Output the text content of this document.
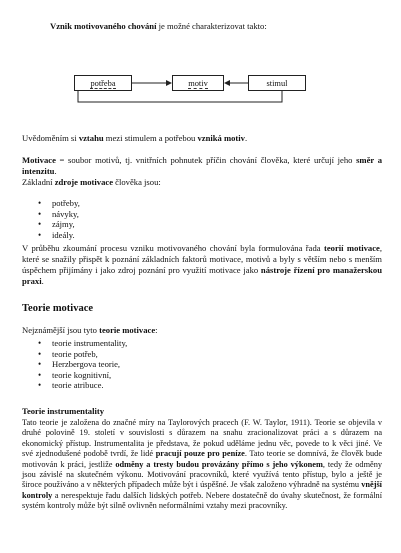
Vznik motivovaného chování je možné charakterizovat takto:
potřeba	motiv	stimul
Uvědoměním si vztahu mezi stimulem a potřebou vzniká motiv.
Motivace = soubor motivů, tj. vnitřních pohnutek příčin chování člověka, které určují jeho směr a intenzitu.
Základní zdroje motivace člověka jsou:
• potřeby,
• návyky,
• zájmy,
• ideály.
V průběhu zkoumání procesu vzniku motivovaného chování byla formulována řada teorií motivace, které se snažily přispět k poznání základních faktorů motivace, motivů a byly s větším nebo s menším úspěchem přijímány i jako zdroj poznání pro využití motivace jako nástroje řízení pro manažerskou praxi.
Teorie motivace
Nejznámější jsou tyto teorie motivace:
• teorie instrumentality,
• teorie potřeb,
• Herzbergova teorie,
• teorie kognitivní,
• teorie atribuce.
Teorie instrumentality
Tato teorie je založena do značné míry na Taylorových pracech (F. W. Taylor, 1911). Teorie se objevila v druhé polovině 19. století v souvislosti s důrazem na snahu zracionalizovat práci a s důrazem na ekonomický přístup. Instrumentalita je představa, že pokud uděláme jednu věc, povede to k věci jiné. Ve své zjednodušené podobě tvrdí, že lidé pracují pouze pro peníze. Tato teorie se domnívá, že člověk bude motivován k práci, jestliže odměny a tresty budou provázány přímo s jeho výkonem, tedy že odměny jsou závislé na skutečném výkonu. Motivování pracovníků, které využívá tento přístup, bylo a ještě je široce používáno a v některých případech může být i úspěšné. Je však založeno výhradně na systému vnější kontroly a nerespektuje řadu dalších lidských potřeb. Nebere dostatečně do úvahy skutečnost, že formální systém kontroly může být silně ovlivněn neformálními vztahy mezi pracovníky.
